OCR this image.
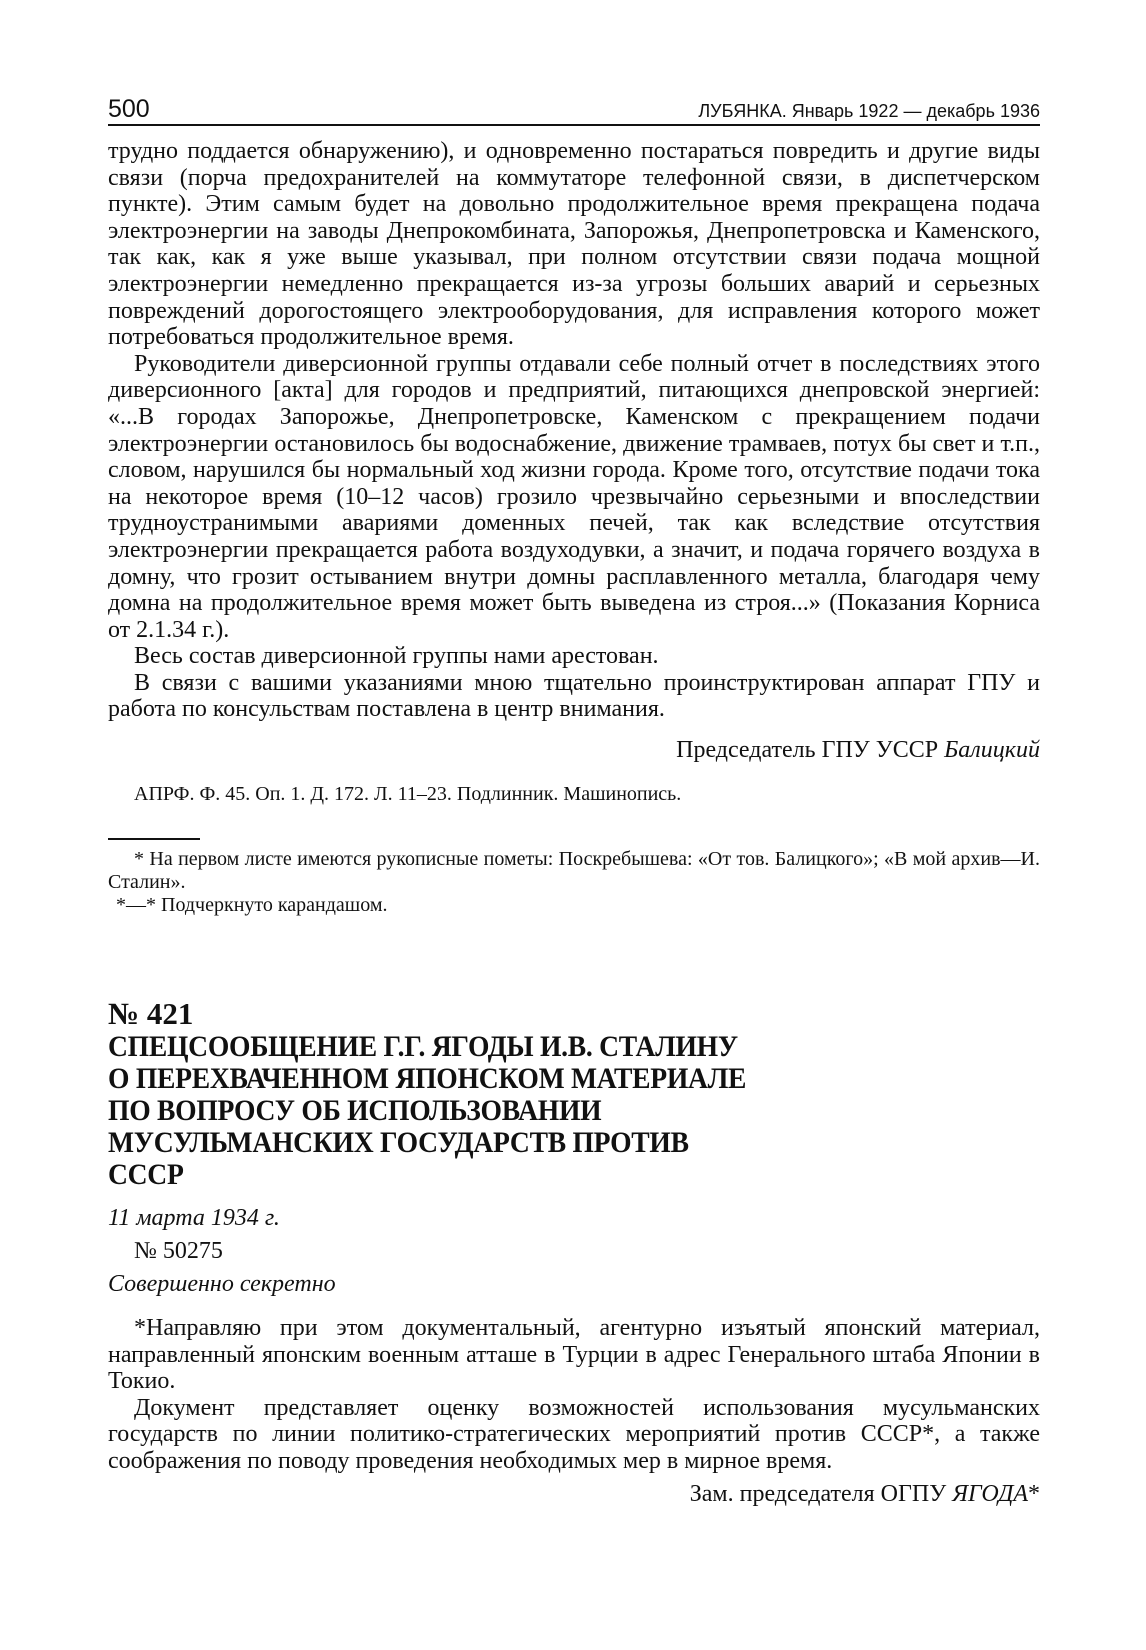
500	ЛУБЯНКА. Январь 1922 — декабрь 1936

трудно поддается обнаружению), и одновременно постараться повредить и другие виды связи (порча предохранителей на коммутаторе телефонной связи, в диспетчерском пункте). Этим самым будет на довольно продолжительное время прекращена подача электроэнергии на заводы Днепрокомбината, Запорожья, Днепропетровска и Каменского, так как, как я уже выше указывал, при полном отсутствии связи подача мощной электроэнергии немедленно прекращается из-за угрозы больших аварий и серьезных повреждений дорогостоящего электрооборудования, для исправления которого может потребоваться продолжительное время.

Руководители диверсионной группы отдавали себе полный отчет в последствиях этого диверсионного [акта] для городов и предприятий, питающихся днепровской энергией: «...В городах Запорожье, Днепропетровске, Каменском с прекращением подачи электроэнергии остановилось бы водоснабжение, движение трамваев, потух бы свет и т.п., словом, нарушился бы нормальный ход жизни города. Кроме того, отсутствие подачи тока на некоторое время (10–12 часов) грозило чрезвычайно серьезными и впоследствии трудноустранимыми авариями доменных печей, так как вследствие отсутствия электроэнергии прекращается работа воздуходувки, а значит, и подача горячего воздуха в домну, что грозит остыванием внутри домны расплавленного металла, благодаря чему домна на продолжительное время может быть выведена из строя...» (Показания Корниса от 2.1.34 г.).

Весь состав диверсионной группы нами арестован.

В связи с вашими указаниями мною тщательно проинструктирован аппарат ГПУ и работа по консульствам поставлена в центр внимания.

Председатель ГПУ УССР Балицкий
АПРФ. Ф. 45. Оп. 1. Д. 172. Л. 11–23. Подлинник. Машинопись.

* На первом листе имеются рукописные пометы: Поскребышева: «От тов. Балицкого»; «В мой архив—И. Сталин».

*—* Подчеркнуто карандашом.

№ 421
СПЕЦСООБЩЕНИЕ Г.Г. ЯГОДЫ И.В. СТАЛИНУ
О ПЕРЕХВАЧЕННОМ ЯПОНСКОМ МАТЕРИАЛЕ
ПО ВОПРОСУ ОБ ИСПОЛЬЗОВАНИИ
МУСУЛЬМАНСКИХ ГОСУДАРСТВ ПРОТИВ СССР
11 марта 1934 г.
№ 50275
Совершенно секретно

*Направляю при этом документальный, агентурно изъятый японский материал, направленный японским военным атташе в Турции в адрес Генерального штаба Японии в Токио.

Документ представляет оценку возможностей использования мусульманских государств по линии политико-стратегических мероприятий против СССР*, а также соображения по поводу проведения необходимых мер в мирное время.

Зам. председателя ОГПУ ЯГОДА*
